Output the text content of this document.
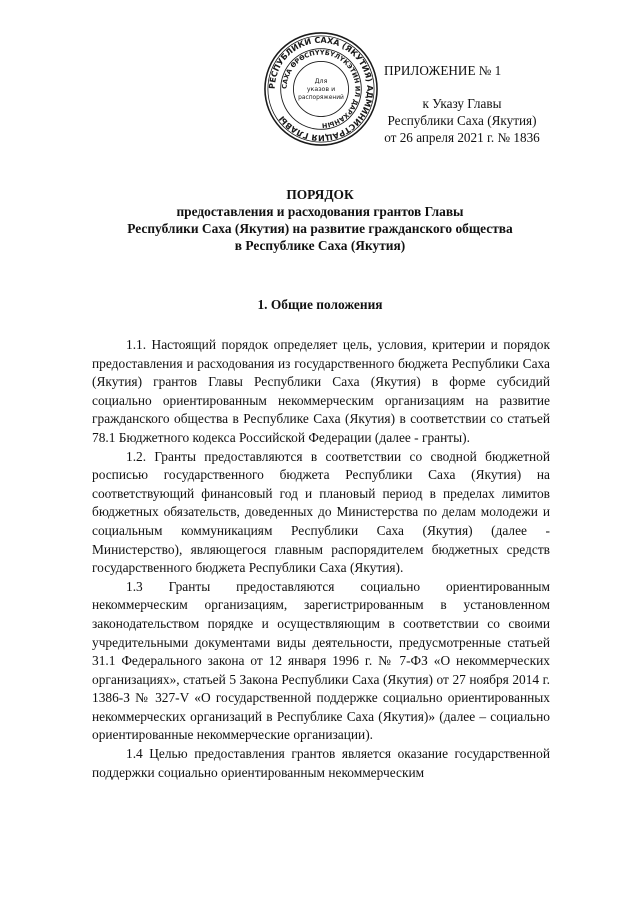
РЕСПУБЛИКИ САХА (ЯКУТИЯ) АДМИНИСТРАЦИЯ ГЛАВЫ
САХА ӨРӨСПҮҮБҮЛҮКЭТИН ИЛ ДАРХАНЫН
Для
указов и
распоряжений
ПРИЛОЖЕНИЕ № 1
к Указу Главы
Республики Саха (Якутия)
от 26 апреля 2021 г. № 1836
ПОРЯДОК
предоставления и расходования грантов Главы
Республики Саха (Якутия) на развитие гражданского общества
в Республике Саха (Якутия)
1. Общие положения

1.1. Настоящий порядок определяет цель, условия, критерии и порядок предоставления и расходования из государственного бюджета Республики Саха (Якутия) грантов Главы Республики Саха (Якутия) в форме субсидий социально ориентированным некоммерческим организациям на развитие гражданского общества в Республике Саха (Якутия) в соответствии со статьей 78.1 Бюджетного кодекса Российской Федерации (далее - гранты).

1.2. Гранты предоставляются в соответствии со сводной бюджетной росписью государственного бюджета Республики Саха (Якутия) на соответствующий финансовый год и плановый период в пределах лимитов бюджетных обязательств, доведенных до Министерства по делам молодежи и социальным коммуникациям Республики Саха (Якутия) (далее - Министерство), являющегося главным распорядителем бюджетных средств государственного бюджета Республики Саха (Якутия).

1.3 Гранты предоставляются социально ориентированным некоммерческим организациям, зарегистрированным в установленном законодательством порядке и осуществляющим в соответствии со своими учредительными документами виды деятельности, предусмотренные статьей 31.1 Федерального закона от 12 января 1996 г. № 7-ФЗ «О некоммерческих организациях», статьей 5 Закона Республики Саха (Якутия) от 27 ноября 2014 г. 1386-З № 327-V «О государственной поддержке социально ориентированных некоммерческих организаций в Республике Саха (Якутия)» (далее – социально ориентированные некоммерческие организации).

1.4 Целью предоставления грантов является оказание государственной поддержки социально ориентированным некоммерческим
